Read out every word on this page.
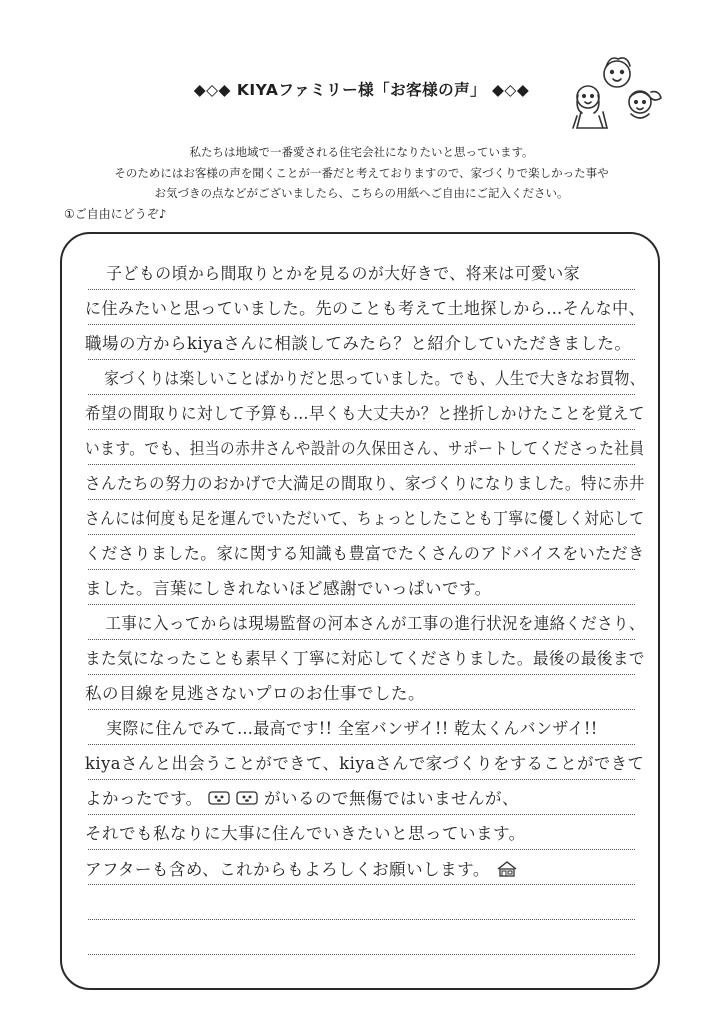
◆◇◆ KIYAファミリー様「お客様の声」 ◆◇◆
私たちは地域で一番愛される住宅会社になりたいと思っています。
そのためにはお客様の声を聞くことが一番だと考えておりますので、家づくりで楽しかった事や
お気づきの点などがございましたら、こちらの用紙へご自由にご記入ください。
①ご自由にどうぞ♪
子どもの頃から間取りとかを見るのが大好きで、将来は可愛い家
に住みたいと思っていました。先のことも考えて土地探しから…そんな中、
職場の方からkiyaさんに相談してみたら？と紹介していただきました。
家づくりは楽しいことばかりだと思っていました。でも、人生で大きなお買物、
希望の間取りに対して予算も…早くも大丈夫か？と挫折しかけたことを覚えて
います。でも、担当の赤井さんや設計の久保田さん、サポートしてくださった社員
さんたちの努力のおかげで大満足の間取り、家づくりになりました。特に赤井
さんには何度も足を運んでいただいて、ちょっとしたことも丁寧に優しく対応して
くださりました。家に関する知識も豊富でたくさんのアドバイスをいただき
ました。言葉にしきれないほど感謝でいっぱいです。
工事に入ってからは現場監督の河本さんが工事の進行状況を連絡くださり、
また気になったことも素早く丁寧に対応してくださりました。最後の最後まで
私の目線を見逃さないプロのお仕事でした。
実際に住んでみて…最高です!! 全室バンザイ!! 乾太くんバンザイ!!
kiyaさんと出会うことができて、kiyaさんで家づくりをすることができて
よかったです。	がいるので無傷ではいませんが、
それでも私なりに大事に住んでいきたいと思っています。
アフターも含め、これからもよろしくお願いします。
